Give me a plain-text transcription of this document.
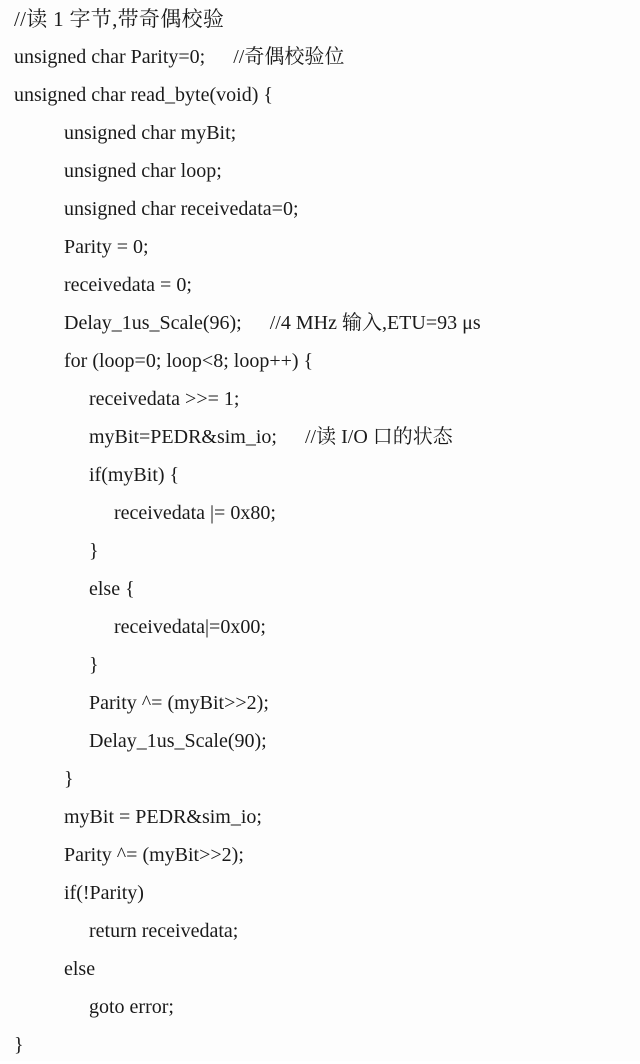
//读 1 字节,带奇偶校验
unsigned char Parity=0; //奇偶校验位
unsigned char read_byte(void) {
unsigned char myBit;
unsigned char loop;
unsigned char receivedata=0;
Parity = 0;
receivedata = 0;
Delay_1us_Scale(96); //4 MHz 输入,ETU=93 μs
for (loop=0; loop<8; loop++) {
receivedata >>= 1;
myBit=PEDR&sim_io; //读 I/O 口的状态
if(myBit) {
receivedata |= 0x80;
}
else {
receivedata|=0x00;
}
Parity ^= (myBit>>2);
Delay_1us_Scale(90);
}
myBit = PEDR&sim_io;
Parity ^= (myBit>>2);
if(!Parity)
return receivedata;
else
goto error;
}
